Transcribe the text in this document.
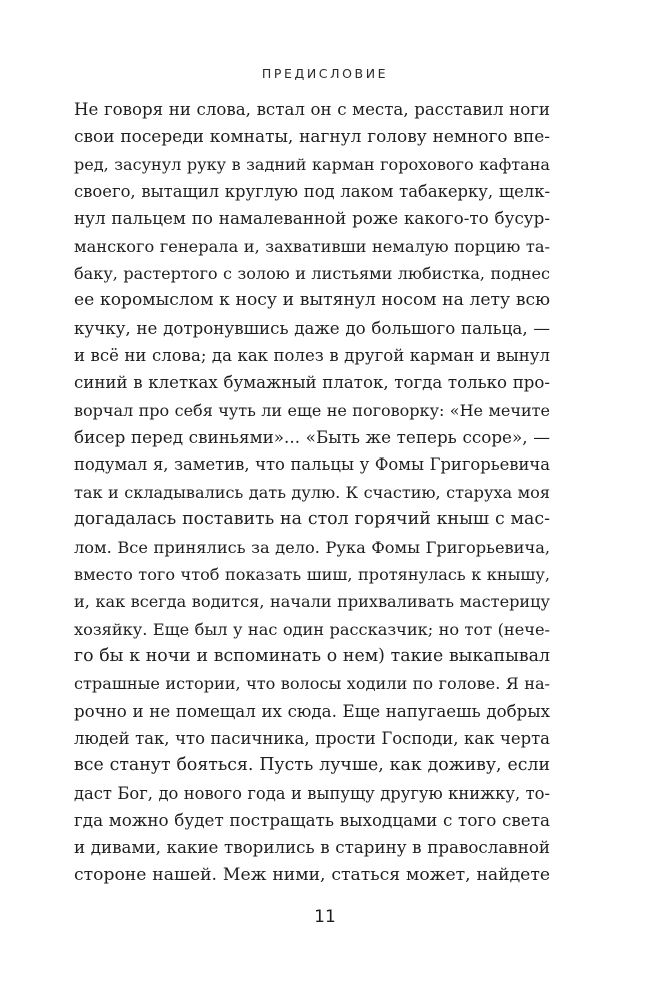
ПРЕДИСЛОВИЕ
Не говоря ни слова, встал он с места, расставил ноги
свои посереди комнаты, нагнул голову немного впе-
ред, засунул руку в задний карман горохового кафтана
своего, вытащил круглую под лаком табакерку, щелк-
нул пальцем по намалеванной роже какого-то бусур-
манского генерала и, захвативши немалую порцию та-
баку, растертого с золою и листьями любистка, поднес
ее коромыслом к носу и вытянул носом на лету всю
кучку, не дотронувшись даже до большого пальца, —
и всё ни слова; да как полез в другой карман и вынул
синий в клетках бумажный платок, тогда только про-
ворчал про себя чуть ли еще не поговорку: «Не мечите
бисер перед свиньями»... «Быть же теперь ссоре», —
подумал я, заметив, что пальцы у Фомы Григорьевича
так и складывались дать дулю. К счастию, старуха моя
догадалась поставить на стол горячий кныш с мас-
лом. Все принялись за дело. Рука Фомы Григорьевича,
вместо того чтоб показать шиш, протянулась к кнышу,
и, как всегда водится, начали прихваливать мастерицу
хозяйку. Еще был у нас один рассказчик; но тот (нече-
го бы к ночи и вспоминать о нем) такие выкапывал
страшные истории, что волосы ходили по голове. Я на-
рочно и не помещал их сюда. Еще напугаешь добрых
людей так, что пасичника, прости Господи, как черта
все станут бояться. Пусть лучше, как доживу, если
даст Бог, до нового года и выпущу другую книжку, то-
гда можно будет постращать выходцами с того света
и дивами, какие творились в старину в православной
стороне нашей. Меж ними, статься может, найдете
11
